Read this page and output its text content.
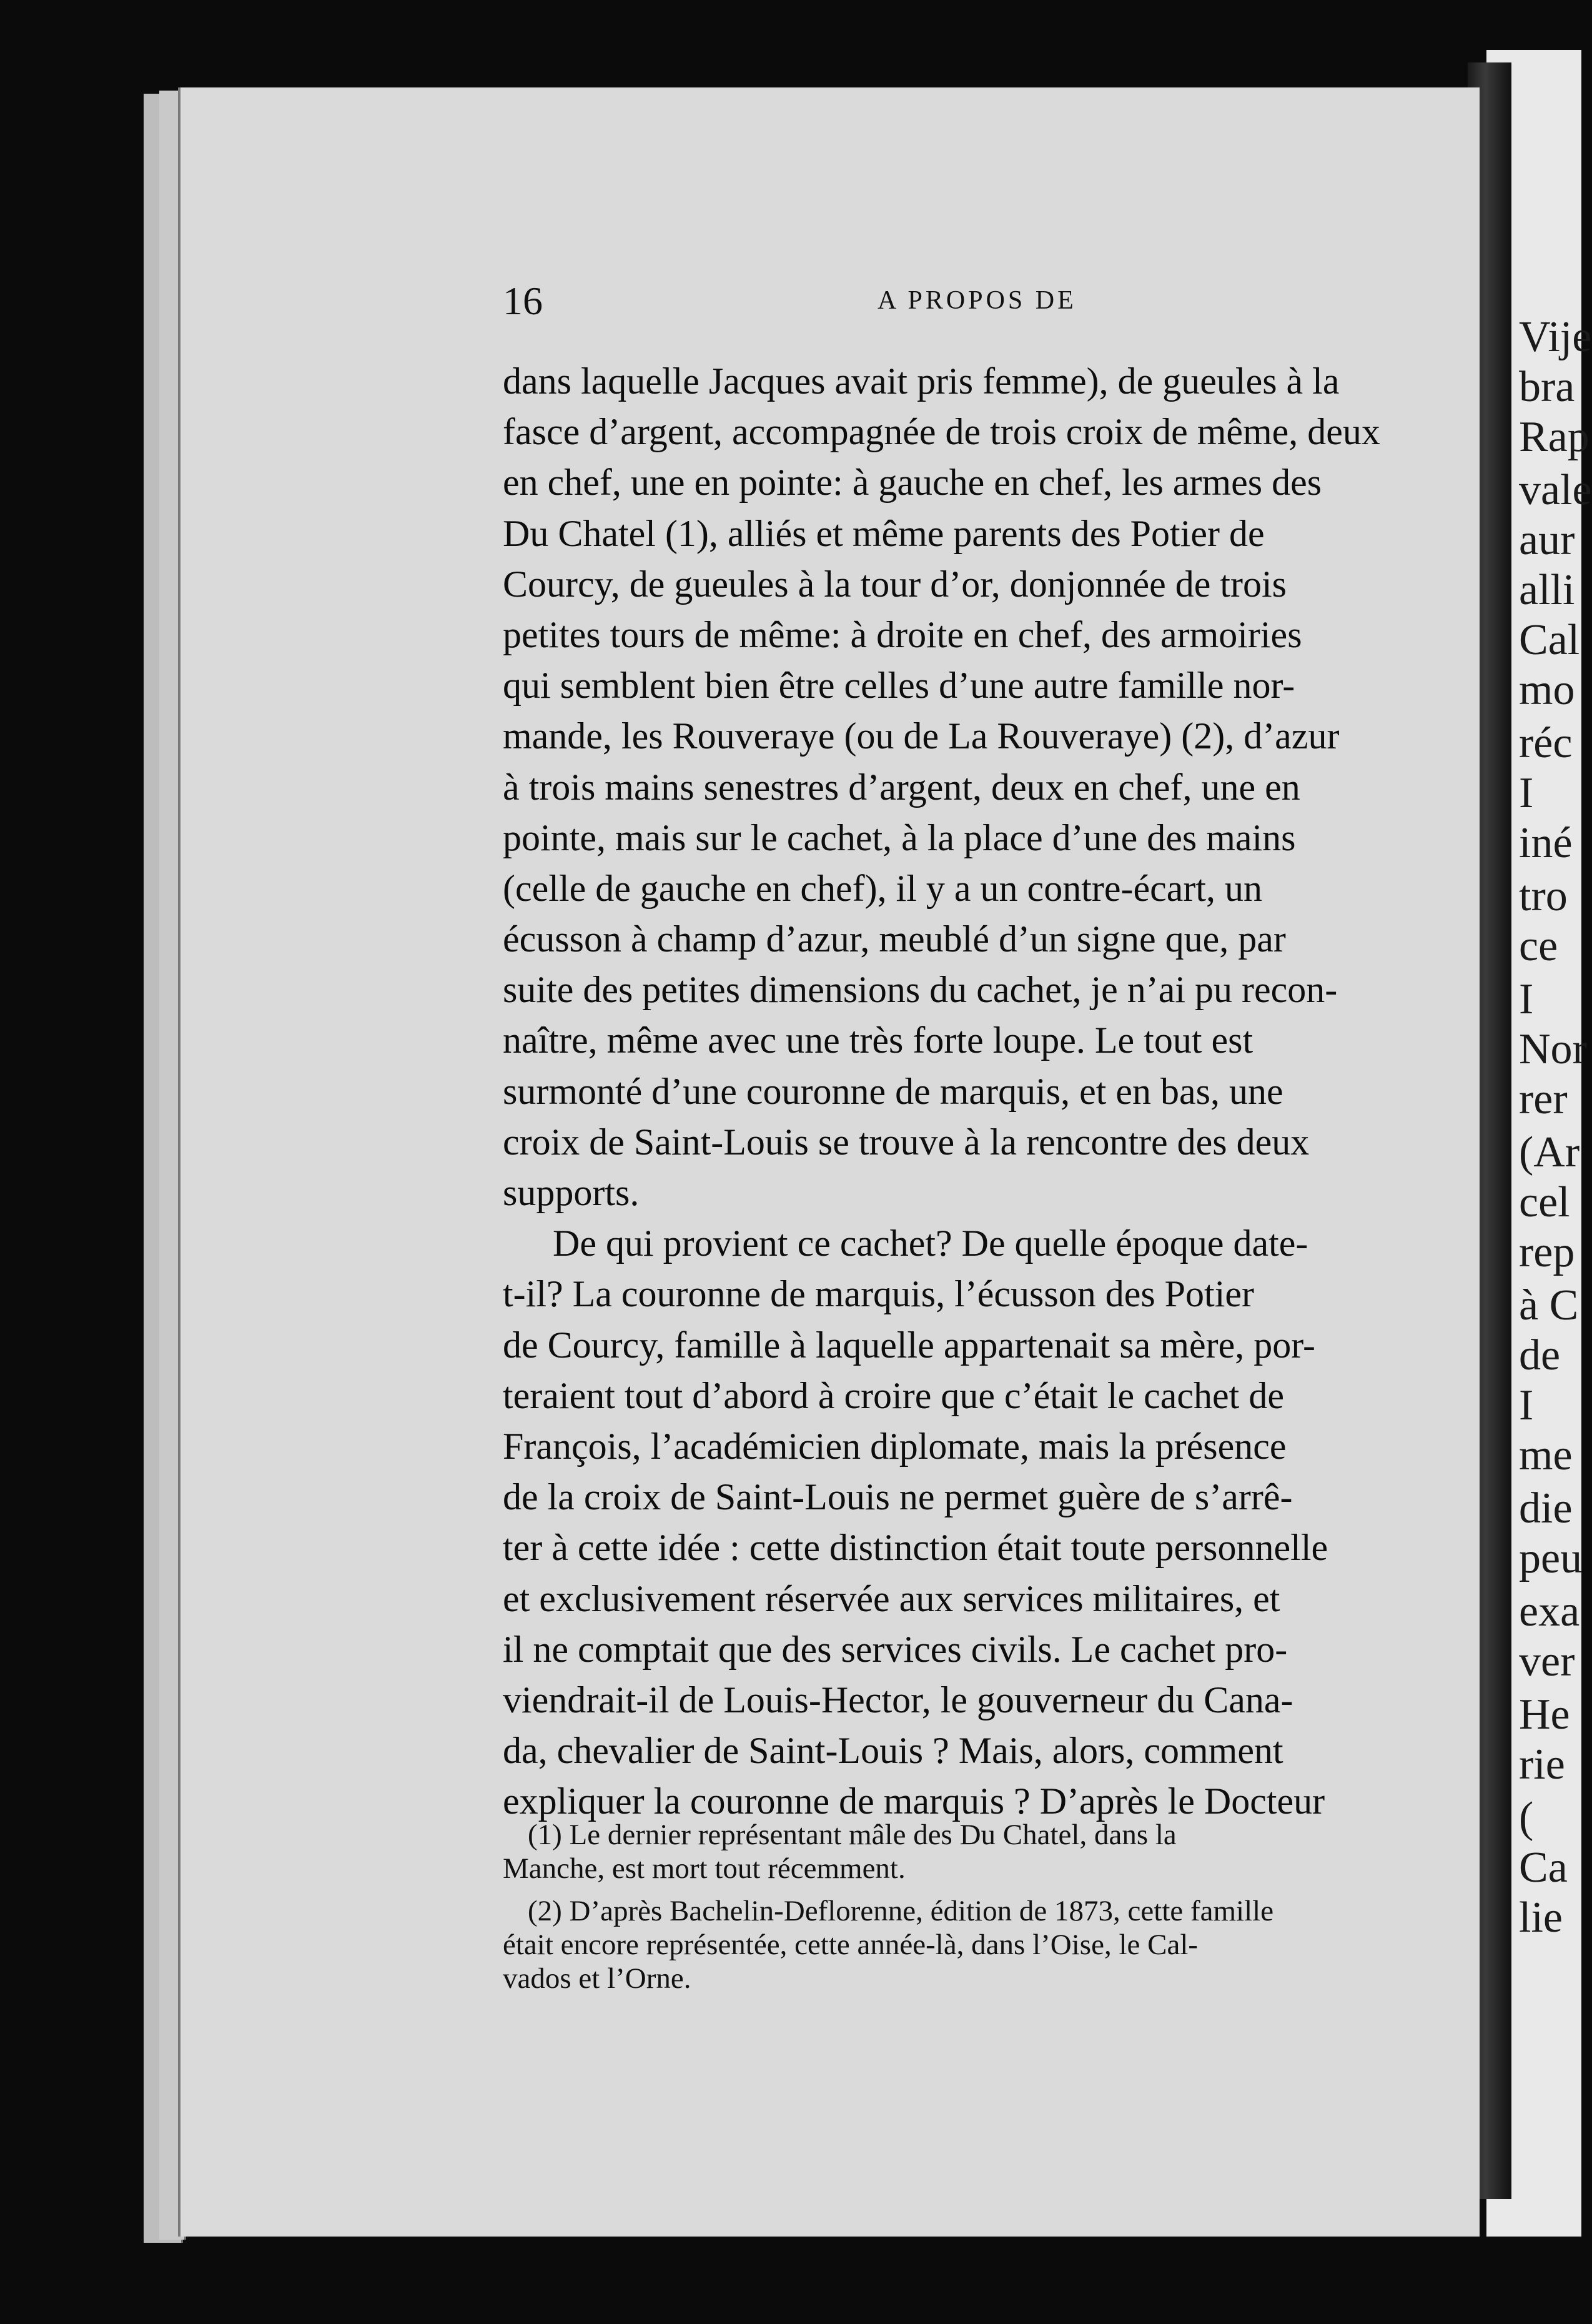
Vije
bra
Rap
vale
aur
alli
Cal
mo
réc
I
iné
tro
ce
I
Nor
rer
(Ar
cel
rep
à C
de
I
me
die
peu
exa
ver
He
rie
(
Ca
lie
16	A PROPOS DE
dans laquelle Jacques avait pris femme), de gueules à la
fasce d’argent, accompagnée de trois croix de même, deux
en chef, une en pointe: à gauche en chef, les armes des
Du Chatel (1), alliés et même parents des Potier de
Courcy, de gueules à la tour d’or, donjonnée de trois
petites tours de même: à droite en chef, des armoiries
qui semblent bien être celles d’une autre famille nor-
mande, les Rouveraye (ou de La Rouveraye) (2), d’azur
à trois mains senestres d’argent, deux en chef, une en
pointe, mais sur le cachet, à la place d’une des mains
(celle de gauche en chef), il y a un contre-écart, un
écusson à champ d’azur, meublé d’un signe que, par
suite des petites dimensions du cachet, je n’ai pu recon-
naître, même avec une très forte loupe. Le tout est
surmonté d’une couronne de marquis, et en bas, une
croix de Saint-Louis se trouve à la rencontre des deux
supports.
De qui provient ce cachet? De quelle époque date-
t-il? La couronne de marquis, l’écusson des Potier
de Courcy, famille à laquelle appartenait sa mère, por-
teraient tout d’abord à croire que c’était le cachet de
François, l’académicien diplomate, mais la présence
de la croix de Saint-Louis ne permet guère de s’arrê-
ter à cette idée : cette distinction était toute personnelle
et exclusivement réservée aux services militaires, et
il ne comptait que des services civils. Le cachet pro-
viendrait-il de Louis-Hector, le gouverneur du Cana-
da, chevalier de Saint-Louis ? Mais, alors, comment
expliquer la couronne de marquis ? D’après le Docteur
(1) Le dernier représentant mâle des Du Chatel, dans la
Manche, est mort tout récemment.
(2) D’après Bachelin-Deflorenne, édition de 1873, cette famille
était encore représentée, cette année-là, dans l’Oise, le Cal-
vados et l’Orne.
